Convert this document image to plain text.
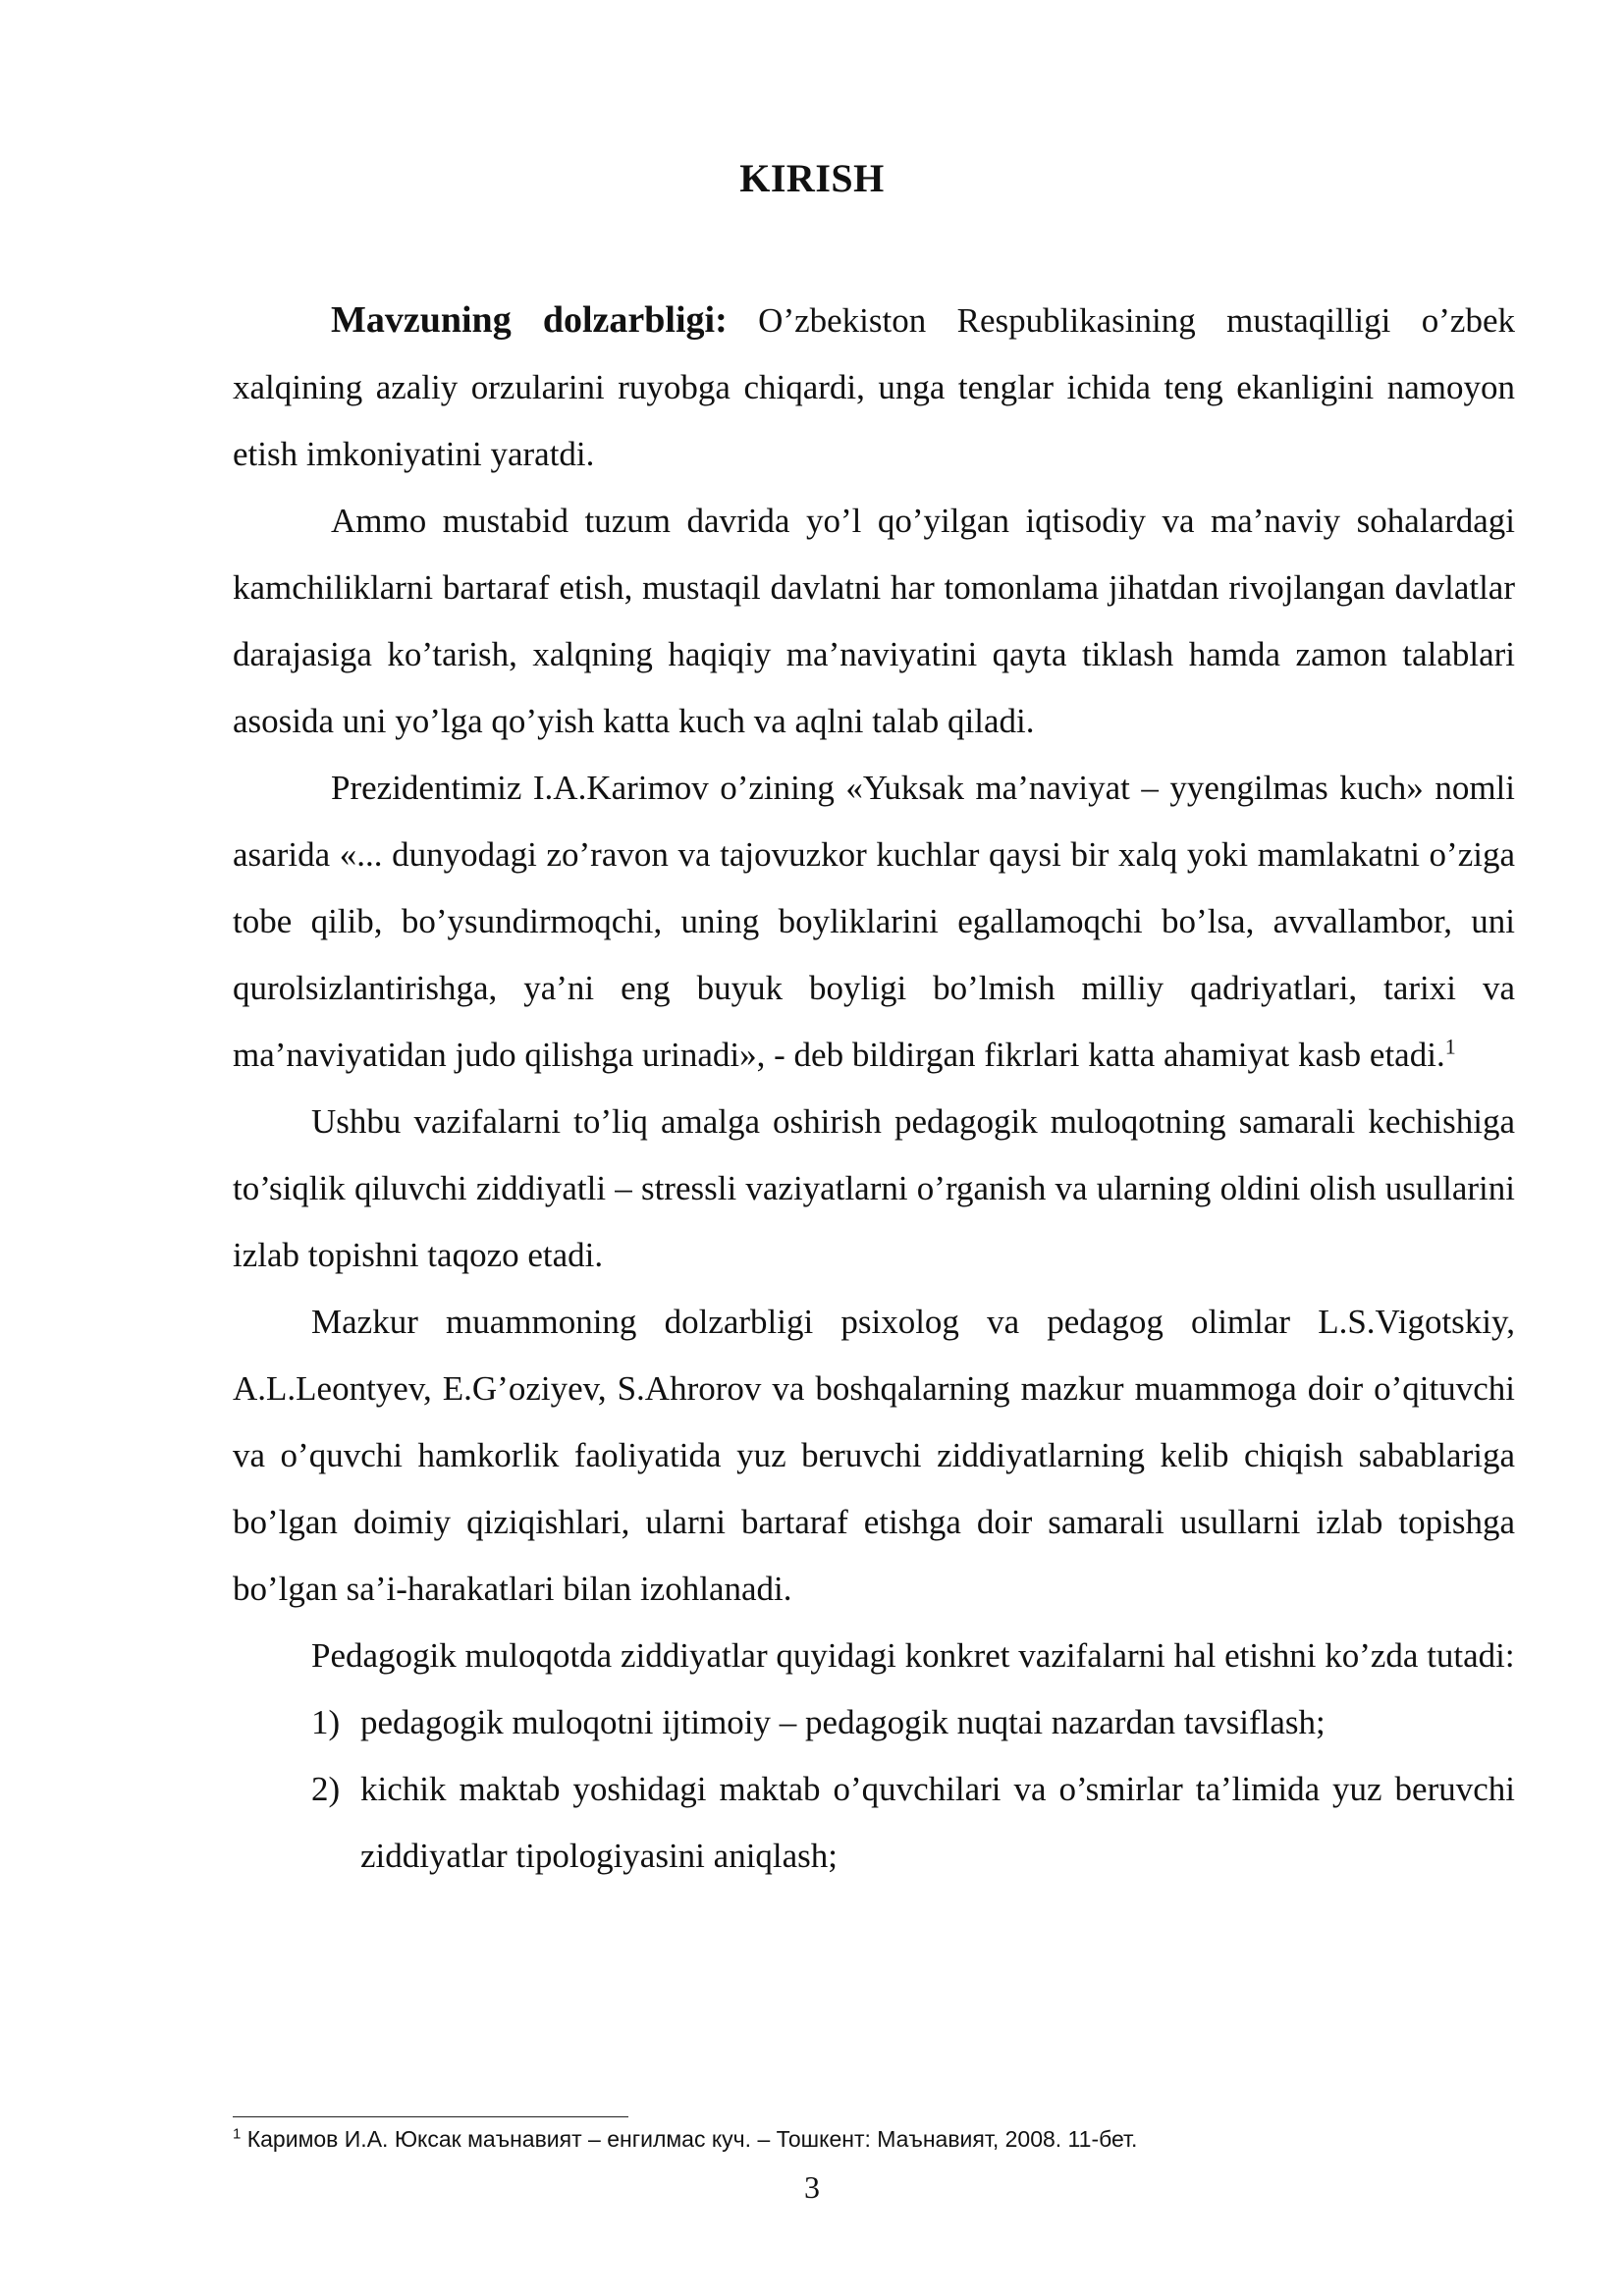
KIRISH

Mavzuning dolzarbligi: O’zbekiston Respublikasining mustaqilligi o’zbek xalqining azaliy orzularini ruyobga chiqardi, unga tenglar ichida teng ekanligini namoyon etish imkoniyatini yaratdi.

Ammo mustabid tuzum davrida yo’l qo’yilgan iqtisodiy va ma’naviy sohalardagi kamchiliklarni bartaraf etish, mustaqil davlatni har tomonlama jihatdan rivojlangan davlatlar darajasiga ko’tarish, xalqning haqiqiy ma’naviyatini qayta tiklash hamda zamon talablari asosida uni yo’lga qo’yish katta kuch va aqlni talab qiladi.

Prezidentimiz I.A.Karimov o’zining «Yuksak ma’naviyat – yyengilmas kuch» nomli asarida «... dunyodagi zo’ravon va tajovuzkor kuchlar qaysi bir xalq yoki mamlakatni o’ziga tobe qilib, bo’ysundirmoqchi, uning boyliklarini egallamoqchi bo’lsa, avvallambor, uni qurolsizlantirishga, ya’ni eng buyuk boyligi bo’lmish milliy qadriyatlari, tarixi va ma’naviyatidan judo qilishga urinadi», - deb bildirgan fikrlari katta ahamiyat kasb etadi.$^1$

Ushbu vazifalarni to’liq amalga oshirish pedagogik muloqotning samarali kechishiga to’siqlik qiluvchi ziddiyatli – stressli vaziyatlarni o’rganish va ularning oldini olish usullarini izlab topishni taqozo etadi.

Mazkur muammoning dolzarbligi psixolog va pedagog olimlar L.S.Vigotskiy, A.L.Leontyev, E.G’oziyev, S.Ahrorov va boshqalarning mazkur muammoga doir o’qituvchi va o’quvchi hamkorlik faoliyatida yuz beruvchi ziddiyatlarning kelib chiqish sabablariga bo’lgan doimiy qiziqishlari, ularni bartaraf etishga doir samarali usullarni izlab topishga bo’lgan sa’i-harakatlari bilan izohlanadi.

Pedagogik muloqotda ziddiyatlar quyidagi konkret vazifalarni hal etishni ko’zda tutadi:

1) pedagogik muloqotni ijtimoiy – pedagogik nuqtai nazardan tavsiflash;
2) kichik maktab yoshidagi maktab o’quvchilari va o’smirlar ta’limida yuz beruvchi ziddiyatlar tipologiyasini aniqlash;
$^1$ Каримов И.А. Юксак маънавият – енгилмас куч. – Тошкент: Маънавият, 2008. 11-бет.
3
